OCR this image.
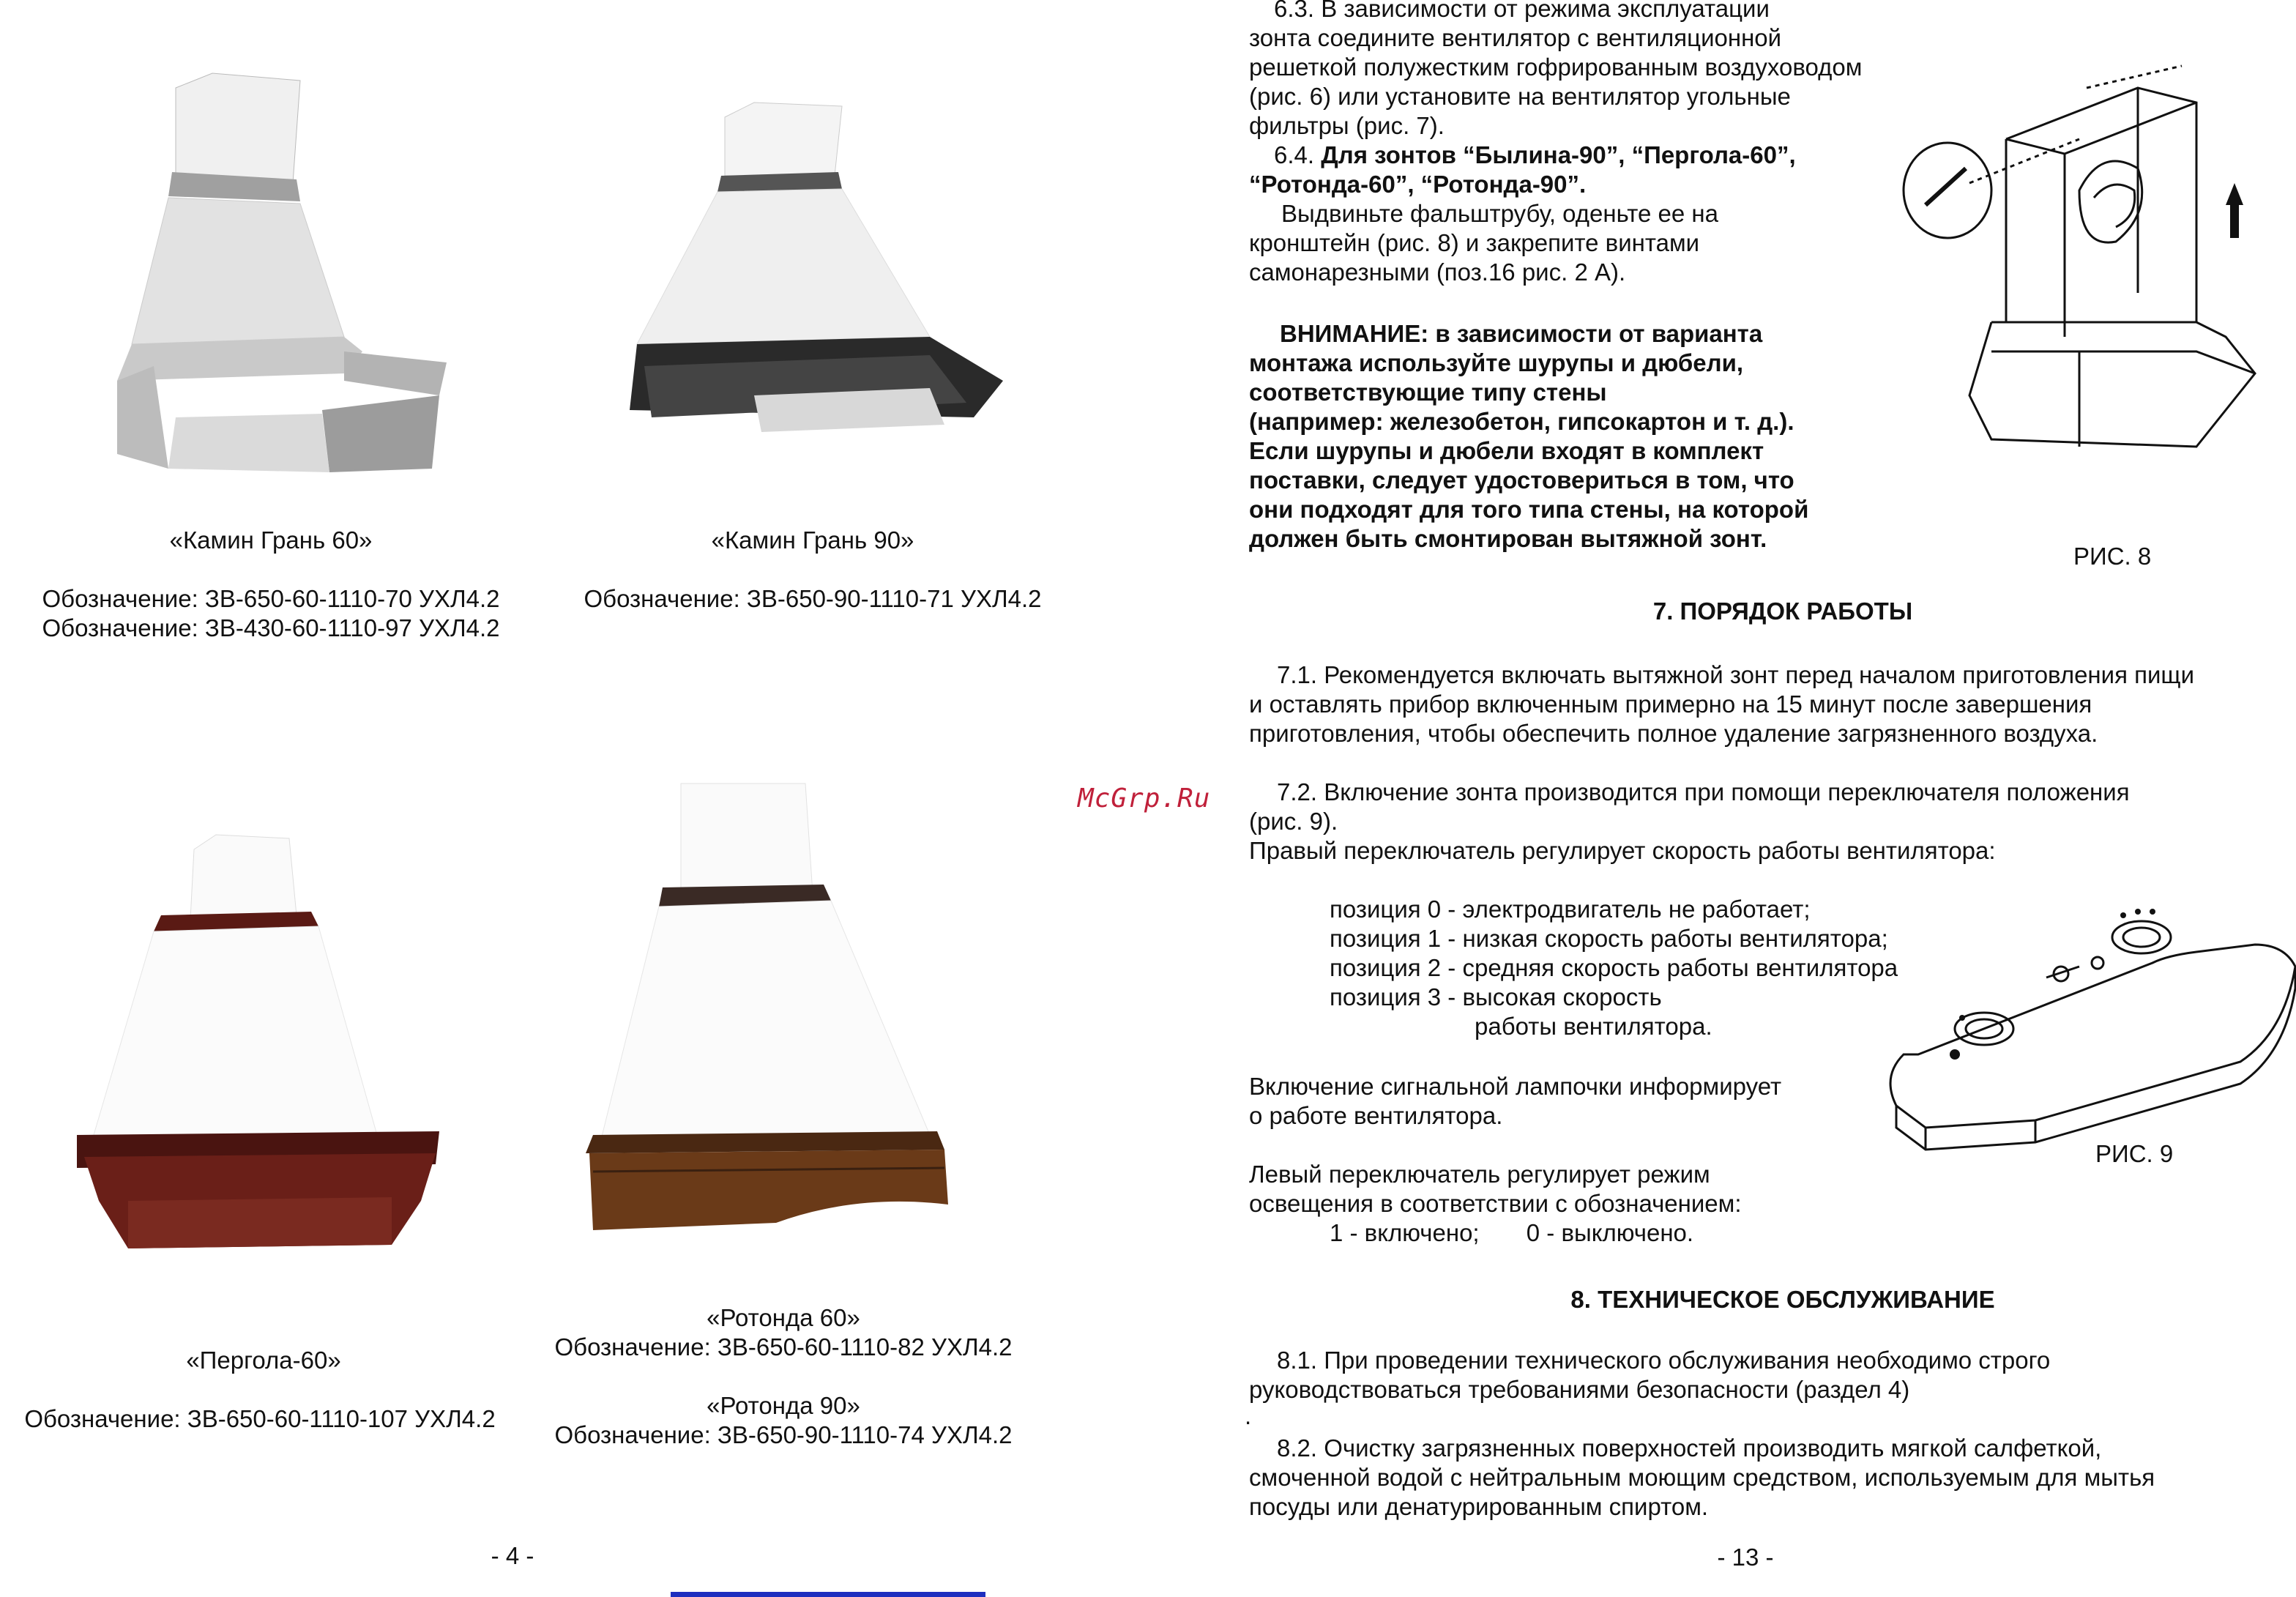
«Камин Грань 60»
Обозначение: ЗВ-650-60-1110-70 УХЛ4.2
Обозначение: ЗВ-430-60-1110-97 УХЛ4.2
«Камин Грань 90»
Обозначение: ЗВ-650-90-1110-71 УХЛ4.2
«Пергола-60»
Обозначение: ЗВ-650-60-1110-107 УХЛ4.2
«Ротонда 60»
Обозначение: ЗВ-650-60-1110-82 УХЛ4.2
«Ротонда 90»
Обозначение: ЗВ-650-90-1110-74 УХЛ4.2
- 4 -
McGrp.Ru
6.3. В зависимости от режима эксплуатации
зонта соедините вентилятор с вентиляционной
решеткой полужестким гофрированным воздуховодом
(рис. 6) или установите на вентилятор угольные
фильтры (рис. 7).
6.4. Для зонтов “Былина-90”, “Пергола-60”,
“Ротонда-60”, “Ротонда-90”.
Выдвиньте фальштрубу, оденьте ее на
кронштейн (рис. 8) и закрепите винтами
самонарезными (поз.16 рис. 2 А).
ВНИМАНИЕ: в зависимости от варианта
монтажа используйте шурупы и дюбели,
соответствующие типу стены
(например: железобетон, гипсокартон и т. д.).
Если шурупы и дюбели входят в комплект
поставки, следует удостовериться в том, что
они подходят для того типа стены, на которой
должен быть смонтирован вытяжной зонт.
РИС. 8
7. ПОРЯДОК РАБОТЫ
7.1. Рекомендуется включать вытяжной зонт перед началом приготовления пищи
и оставлять прибор включенным примерно на 15 минут после завершения
приготовления, чтобы обеспечить полное удаление загрязненного воздуха.
7.2. Включение зонта производится при помощи переключателя положения
(рис. 9).
Правый переключатель регулирует скорость работы вентилятора:
позиция 0 - электродвигатель не работает;
позиция 1 - низкая скорость работы вентилятора;
позиция 2 - средняя скорость работы вентилятора
позиция 3 - высокая скорость
работы вентилятора.
РИС. 9
Включение сигнальной лампочки информирует
о работе вентилятора.
Левый переключатель регулирует режим
освещения в соответствии с обозначением:
1 - включено;       0 - выключено.
8. ТЕХНИЧЕСКОЕ ОБСЛУЖИВАНИЕ
8.1. При проведении технического обслуживания необходимо строго
руководствоваться требованиями безопасности (раздел 4)
.
8.2. Очистку загрязненных поверхностей производить мягкой салфеткой,
смоченной водой с нейтральным моющим средством, используемым для мытья
посуды или денатурированным спиртом.
- 13 -
